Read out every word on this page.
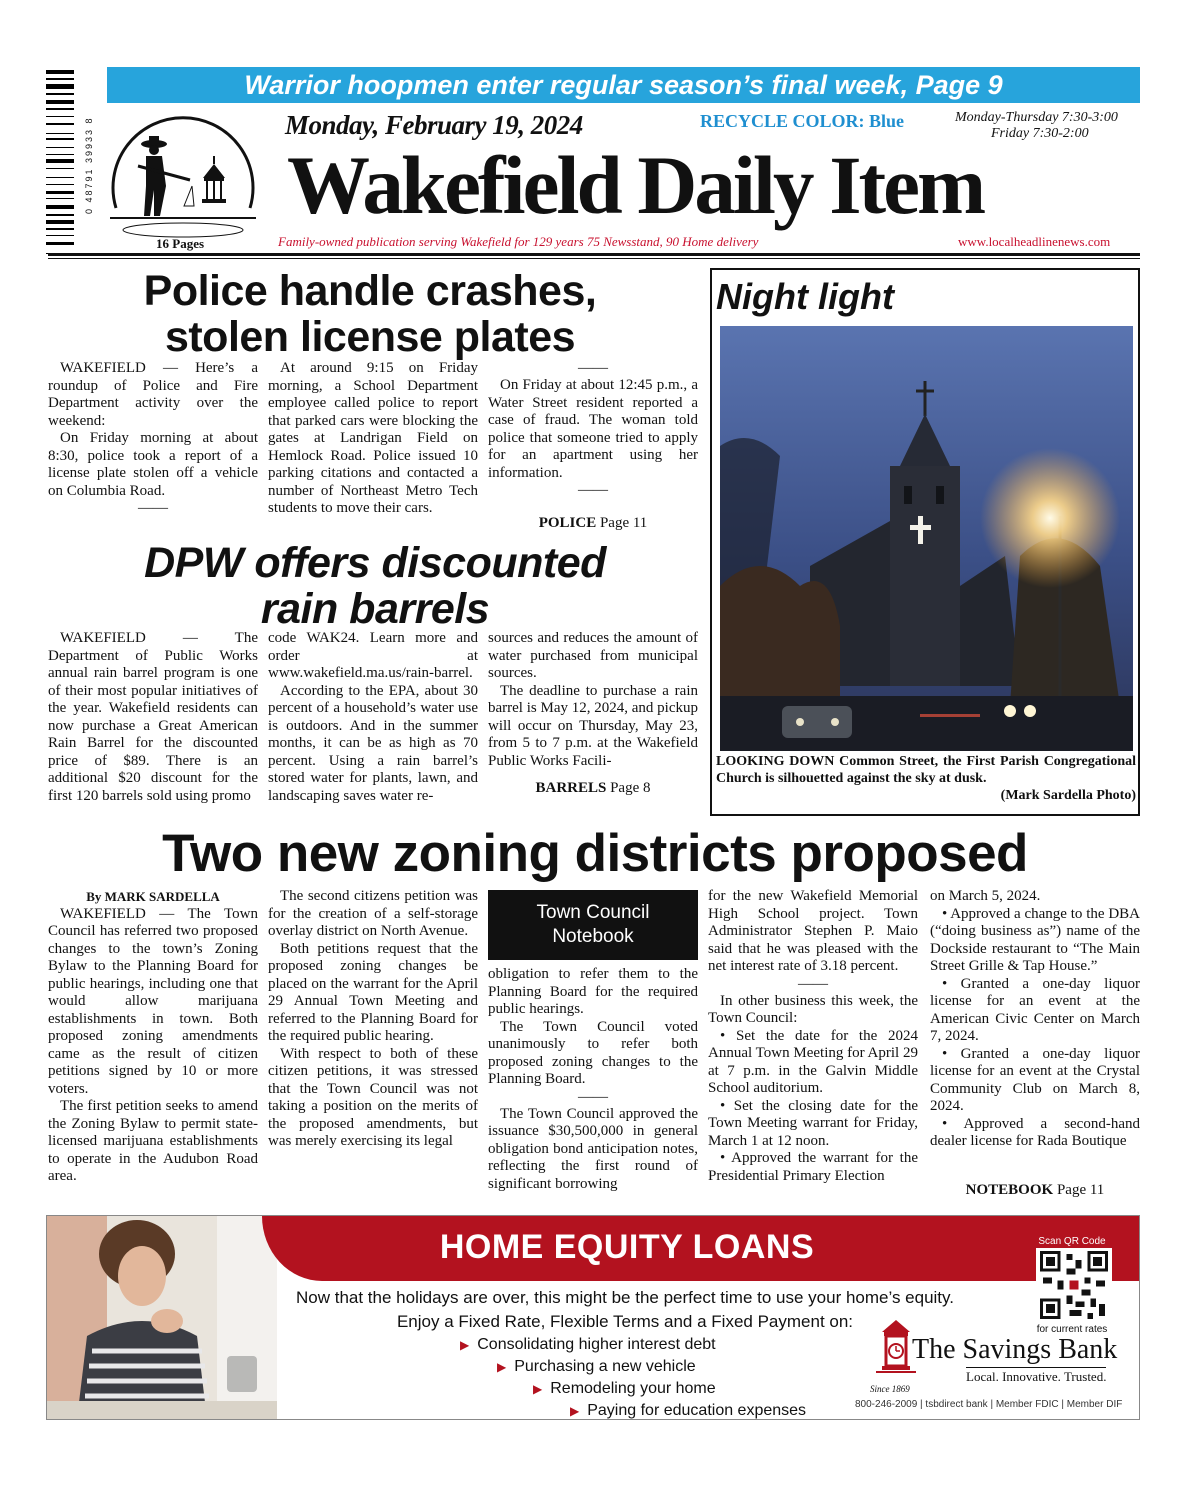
0 48791 39933 8
Warrior hoopmen enter regular season’s final week, Page 9
16 Pages
Monday, February 19, 2024	RECYCLE COLOR: Blue	Monday-Thursday 7:30-3:00
Friday 7:30-2:00
Wakefield Daily Item
Family-owned publication serving Wakefield for 129 years 75 Newsstand, 90 Home delivery	www.localheadlinenews.com
Police handle crashes,
stolen license plates

WAKEFIELD — Here’s a roundup of Police and Fire Department activity over the weekend:

On Friday morning at about 8:30, police took a report of a license plate stolen off a vehicle on Columbia Road.

——

At around 9:15 on Friday morning, a School Department employee called police to report that parked cars were blocking the gates at Landrigan Field on Hemlock Road. Police issued 10 parking citations and contacted a number of Northeast Metro Tech students to move their cars.

——

On Friday at about 12:45 p.m., a Water Street resident reported a case of fraud. The woman told police that someone tried to apply for an apartment using her information.

——
POLICE Page 11
DPW offers discounted
rain barrels

WAKEFIELD — The Department of Public Works annual rain barrel program is one of their most popular initiatives of the year. Wakefield residents can now purchase a Great American Rain Barrel for the discounted price of $89. There is an additional $20 discount for the first 120 barrels sold using promo

code WAK24. Learn more and order at www.wakefield.ma.us/rain-barrel.

According to the EPA, about 30 percent of a household’s water use is outdoors. And in the summer months, it can be as high as 70 percent. Using a rain barrel’s stored water for plants, lawn, and landscaping saves water re-

sources and reduces the amount of water purchased from municipal sources.

The deadline to purchase a rain barrel is May 12, 2024, and pickup will occur on Thursday, May 23, from 5 to 7 p.m. at the Wakefield Public Works Facili-

BARRELS Page 8
Night light
LOOKING DOWN Common Street, the First Parish Congregational Church is silhouetted against the sky at dusk.
(Mark Sardella Photo)
Two new zoning districts proposed
By MARK SARDELLA

WAKEFIELD — The Town Council has referred two proposed changes to the town’s Zoning Bylaw to the Planning Board for public hearings, including one that would allow marijuana establishments in town. Both proposed zoning amendments came as the result of citizen petitions signed by 10 or more voters.

The first petition seeks to amend the Zoning Bylaw to permit state-licensed marijuana establishments to operate in the Audubon Road area.

The second citizens petition was for the creation of a self-storage overlay district on North Avenue.

Both petitions request that the proposed zoning changes be placed on the warrant for the April 29 Annual Town Meeting and referred to the Planning Board for the required public hearing.

With respect to both of these citizen petitions, it was stressed that the Town Council was not taking a position on the merits of the proposed amendments, but was merely exercising its legal

Town Council
Notebook

obligation to refer them to the Planning Board for the required public hearings.

The Town Council voted unanimously to refer both proposed zoning changes to the Planning Board.

——

The Town Council approved the issuance $30,500,000 in general obligation bond anticipation notes, reflecting the first round of significant borrowing

for the new Wakefield Memorial High School project. Town Administrator Stephen P. Maio said that he was pleased with the net interest rate of 3.18 percent.

——

In other business this week, the Town Council:

• Set the date for the 2024 Annual Town Meeting for April 29 at 7 p.m. in the Galvin Middle School auditorium.

• Set the closing date for the Town Meeting warrant for Friday, March 1 at 12 noon.

• Approved the warrant for the Presidential Primary Election

on March 5, 2024.

• Approved a change to the DBA (“doing business as”) name of the Dockside restaurant to “The Main Street Grille & Tap House.”

• Granted a one-day liquor license for an event at the American Civic Center on March 7, 2024.

• Granted a one-day liquor license for an event at the Crystal Community Club on March 8, 2024.

• Approved a second-hand dealer license for Rada Boutique

NOTEBOOK Page 11
HOME EQUITY LOANS	Scan QR Code
for current rates
Now that the holidays are over, this might be the perfect time to use your home’s equity.
Enjoy a Fixed Rate, Flexible Terms and a Fixed Payment on:
▶ Consolidating higher interest debt
▶ Purchasing a new vehicle
▶ Remodeling your home
▶ Paying for education expenses
The Savings Bank
Local. Innovative. Trusted.
Since 1869
800-246-2009 | tsbdirect bank | Member FDIC | Member DIF
